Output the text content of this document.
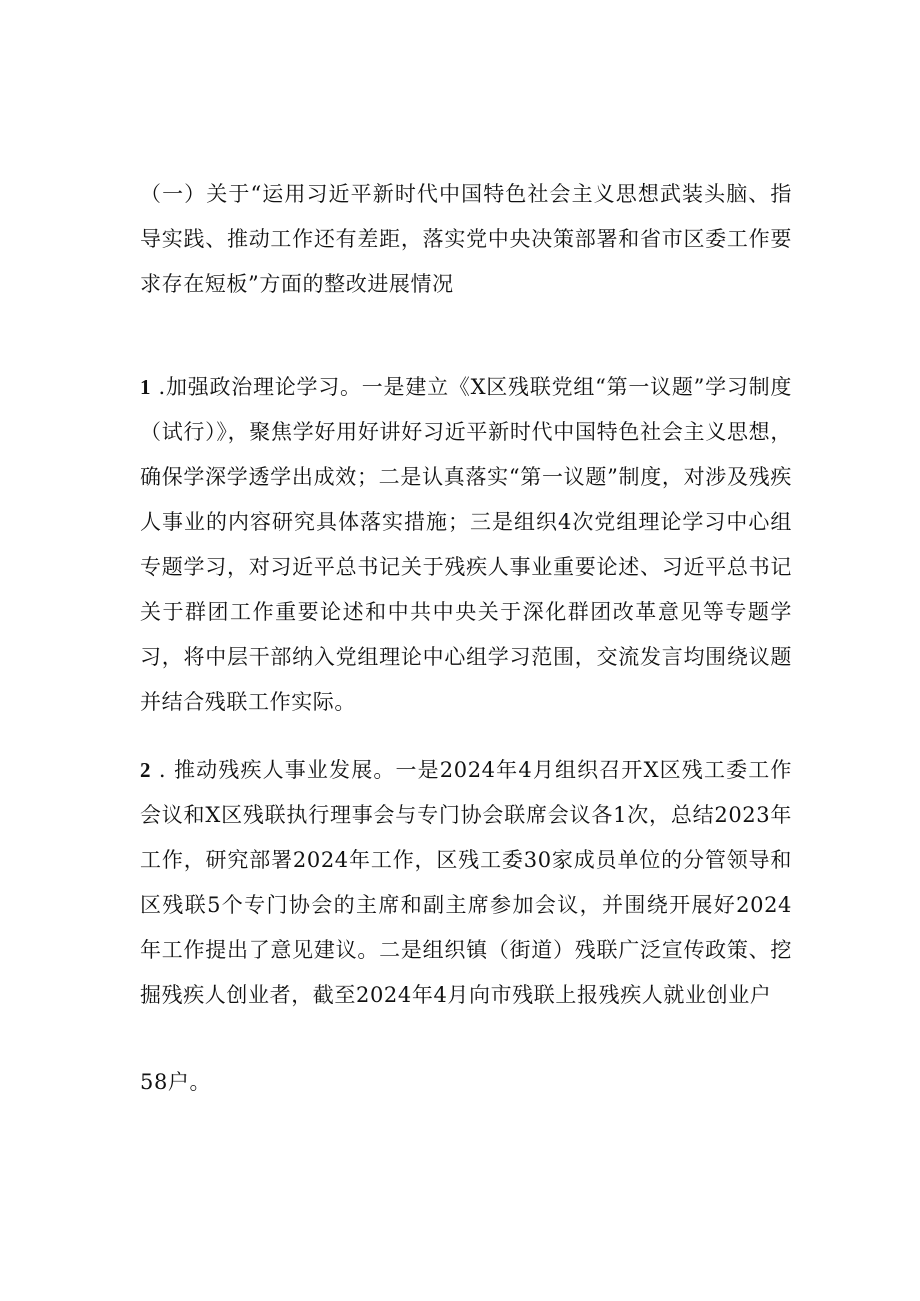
（一）关于“运用习近平新时代中国特色社会主义思想武装头脑、指导实践、推动工作还有差距，落实党中央决策部署和省市区委工作要求存在短板”方面的整改进展情况

1 .加强政治理论学习。一是建立《X区残联党组“第一议题”学习制度（试行）》，聚焦学好用好讲好习近平新时代中国特色社会主义思想，确保学深学透学出成效；二是认真落实“第一议题”制度，对涉及残疾人事业的内容研究具体落实措施；三是组织4次党组理论学习中心组专题学习，对习近平总书记关于残疾人事业重要论述、习近平总书记关于群团工作重要论述和中共中央关于深化群团改革意见等专题学习，将中层干部纳入党组理论中心组学习范围，交流发言均围绕议题并结合残联工作实际。

2 . 推动残疾人事业发展。一是2024年4月组织召开X区残工委工作会议和X区残联执行理事会与专门协会联席会议各1次，总结2023年工作，研究部署2024年工作，区残工委30家成员单位的分管领导和区残联5个专门协会的主席和副主席参加会议，并围绕开展好2024年工作提出了意见建议。二是组织镇（街道）残联广泛宣传政策、挖掘残疾人创业者，截至2024年4月向市残联上报残疾人就业创业户

58户。
